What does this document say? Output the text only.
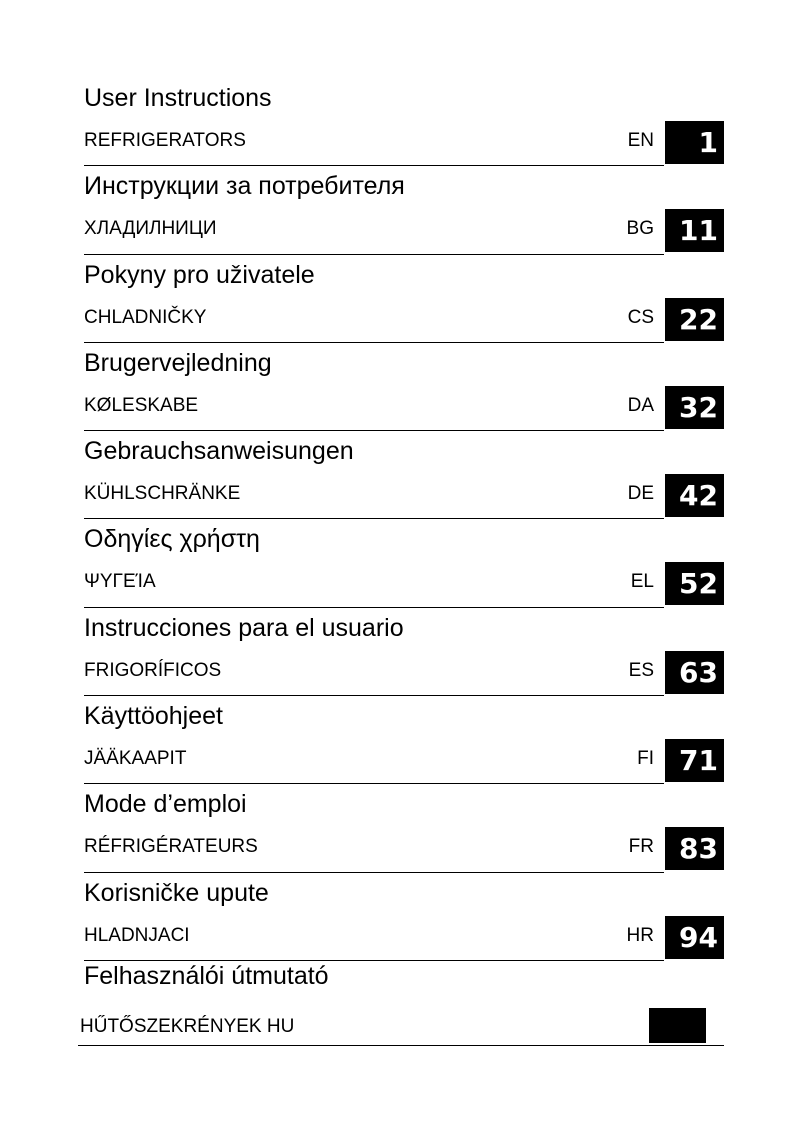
User Instructions
REFRIGERATORS	EN	1
Инструкции за потребителя
ХЛАДИЛНИЦИ	BG 11
Pokyny pro uživatele
CHLADNIČKY	CS 22
Brugervejledning
KØLESKABE	DA 32
Gebrauchsanweisungen
KÜHLSCHRÄNKE	DE 42
Οδηγίες χρήστη
ΨΥΓΕΊΑ	EL 52
Instrucciones para el usuario
FRIGORÍFICOS	ES 63
Käyttöohjeet
JÄÄKAAPIT	FI 71
Mode d’emploi
RÉFRIGÉRATEURS	FR 83
Korisničke upute
HLADNJACI	HR 94
Felhasználói útmutató
HŰTŐSZEKRÉNYEK HU
